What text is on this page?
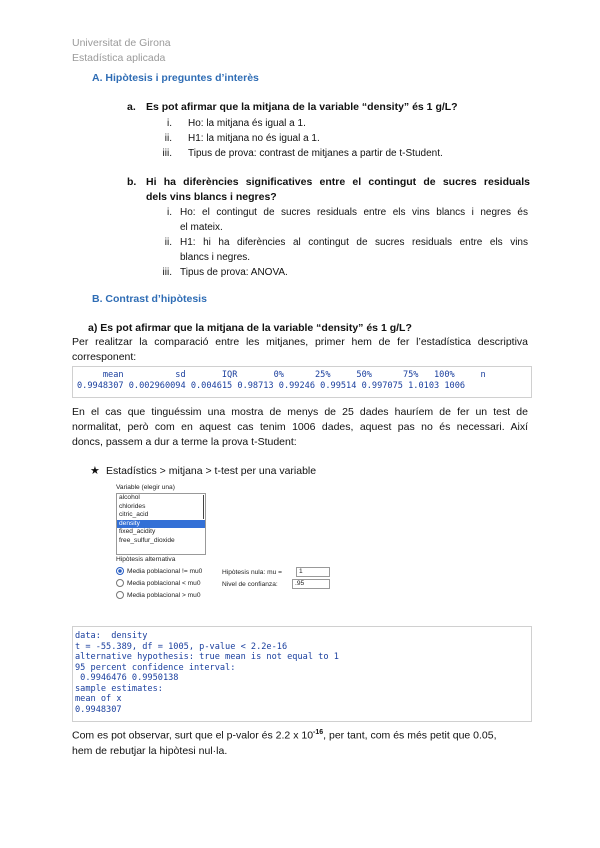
Universitat de Girona
Estadística aplicada
A. Hipòtesis i preguntes d’interès
a. Es pot afirmar que la mitjana de la variable “density” és 1 g/L?
i. Ho: la mitjana és igual a 1.
ii. H1: la mitjana no és igual a 1.
iii. Tipus de prova: contrast de mitjanes a partir de t-Student.
b. Hi ha diferències significatives entre el contingut de sucres residuals
dels vins blancs i negres?
i. Ho: el contingut de sucres residuals entre els vins blancs i negres és
el mateix.
ii. H1: hi ha diferències al contingut de sucres residuals entre els vins
blancs i negres.
iii. Tipus de prova: ANOVA.
B. Contrast d’hipòtesis
a) Es pot afirmar que la mitjana de la variable “density” és 1 g/L?
Per realitzar la comparació entre les mitjanes, primer hem de fer l’estadística descriptiva
corresponent:
mean          sd       IQR       0%      25%     50%      75%   100%     n
0.9948307 0.002960094 0.004615 0.98713 0.99246 0.99514 0.997075 1.0103 1006
En el cas que tinguéssim una mostra de menys de 25 dades hauríem de fer un test de
normalitat, però com en aquest cas tenim 1006 dades, aquest pas no és necessari. Així
doncs, passem a dur a terme la prova t-Student:
★ Estadístics > mitjana > t-test per una variable
Variable (elegir una)
alcohol
chlorides
citric_acid
density
fixed_acidity
free_sulfur_dioxide
Hipòtesis alternativa
Media poblacional != mu0
Media poblacional < mu0
Media poblacional > mu0
Hipòtesis nula: mu =	1
Nivel de confianza:	.95
data:  density
t = -55.389, df = 1005, p-value < 2.2e-16
alternative hypothesis: true mean is not equal to 1
95 percent confidence interval:
0.9946476 0.9950138
sample estimates:
mean of x
0.9948307
Com es pot observar, surt que el p-valor és 2.2 x $10^{-16}$, per tant, com és més petit que 0.05,
hem de rebutjar la hipòtesi nul·la.
